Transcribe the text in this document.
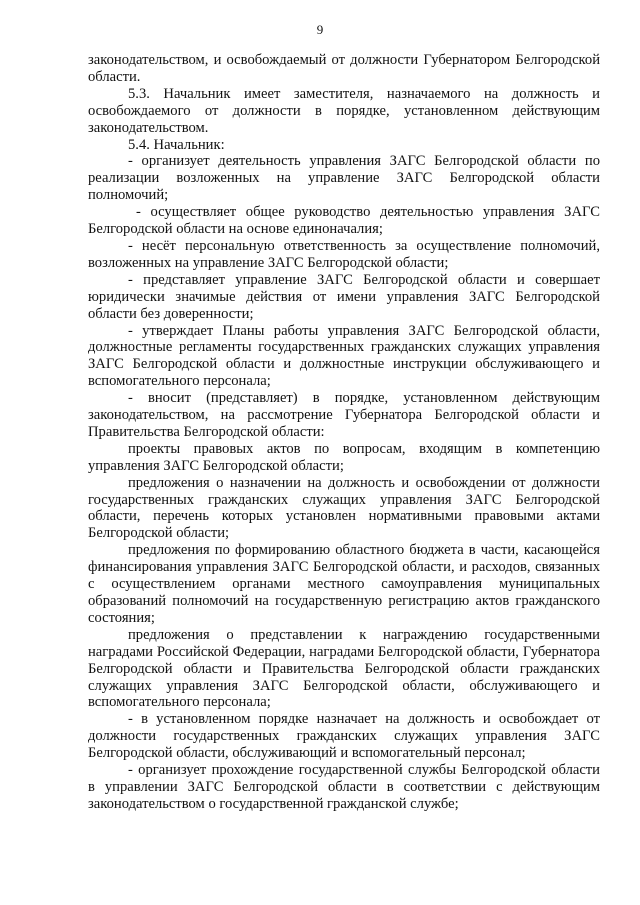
9

законодательством, и освобождаемый от должности Губернатором Белгородской области.

5.3. Начальник имеет заместителя, назначаемого на должность и освобождаемого от должности в порядке, установленном действующим законодательством.

5.4. Начальник:

- организует деятельность управления ЗАГС Белгородской области по реализации возложенных на управление ЗАГС Белгородской области полномочий;

- осуществляет общее руководство деятельностью управления ЗАГС Белгородской области на основе единоначалия;

- несёт персональную ответственность за осуществление полномочий, возложенных на управление ЗАГС Белгородской области;

- представляет управление ЗАГС Белгородской области и совершает юридически значимые действия от имени управления ЗАГС Белгородской области без доверенности;

- утверждает Планы работы управления ЗАГС Белгородской области, должностные регламенты государственных гражданских служащих управления ЗАГС Белгородской области и должностные инструкции обслуживающего и вспомогательного персонала;

- вносит (представляет) в порядке, установленном действующим законодательством, на рассмотрение Губернатора Белгородской области и Правительства Белгородской области:

проекты правовых актов по вопросам, входящим в компетенцию управления ЗАГС Белгородской области;

предложения о назначении на должность и освобождении от должности государственных гражданских служащих управления ЗАГС Белгородской области, перечень которых установлен нормативными правовыми актами Белгородской области;

предложения по формированию областного бюджета в части, касающейся финансирования управления ЗАГС Белгородской области, и расходов, связанных с осуществлением органами местного самоуправления муниципальных образований полномочий на государственную регистрацию актов гражданского состояния;

предложения о представлении к награждению государственными наградами Российской Федерации, наградами Белгородской области, Губернатора Белгородской области и Правительства Белгородской области гражданских служащих управления ЗАГС Белгородской области, обслуживающего и вспомогательного персонала;

- в установленном порядке назначает на должность и освобождает от должности государственных гражданских служащих управления ЗАГС Белгородской области, обслуживающий и вспомогательный персонал;

- организует прохождение государственной службы Белгородской области в управлении ЗАГС Белгородской области в соответствии с действующим законодательством о государственной гражданской службе;
